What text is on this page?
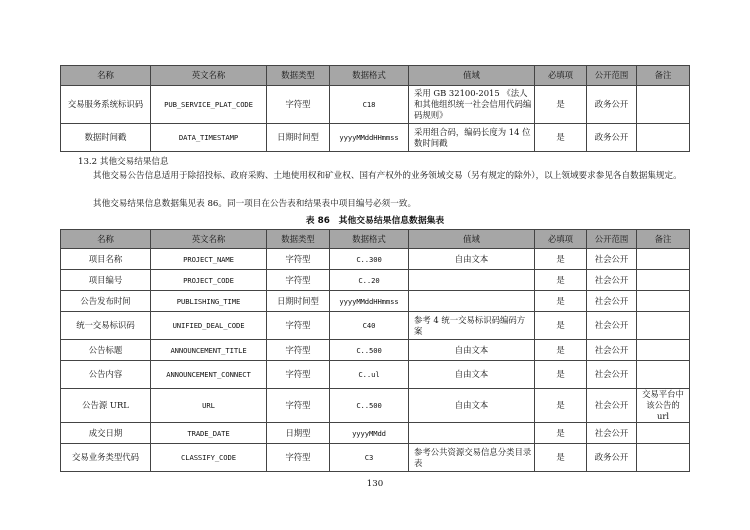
名称	英文名称	数据类型	数据格式	值域	必填项	公开范围	备注
交易服务系统标识码	PUB_SERVICE_PLAT_CODE	字符型	C18	采用 GB 32100-2015 《法人和其他组织统一社会信用代码编码规则》	是	政务公开	
数据时间戳	DATA_TIMESTAMP	日期时间型	yyyyMMddHHmmss	采用组合码，编码长度为 14 位数时间戳	是	政务公开	
13.2 其他交易结果信息
其他交易公告信息适用于除招投标、政府采购、土地使用权和矿业权、国有产权外的业务领域交易（另有规定的除外），以上领域要求参见各自数据集规定。
其他交易结果信息数据集见表 86。同一项目在公告表和结果表中项目编号必须一致。
表 86　其他交易结果信息数据集表
名称	英文名称	数据类型	数据格式	值域	必填项	公开范围	备注
项目名称	PROJECT_NAME	字符型	C..300	自由文本	是	社会公开	
项目编号	PROJECT_CODE	字符型	C..20		是	社会公开	
公告发布时间	PUBLISHING_TIME	日期时间型	yyyyMMddHHmmss		是	社会公开	
统一交易标识码	UNIFIED_DEAL_CODE	字符型	C40	参考 4 统一交易标识码编码方案	是	社会公开	
公告标题	ANNOUNCEMENT_TITLE	字符型	C..500	自由文本	是	社会公开	
公告内容	ANNOUNCEMENT_CONNECT	字符型	C..ul	自由文本	是	社会公开	
公告源 URL	URL	字符型	C..500	自由文本	是	社会公开	交易平台中该公告的 url
成交日期	TRADE_DATE	日期型	yyyyMMdd		是	社会公开	
交易业务类型代码	CLASSIFY_CODE	字符型	C3	参考公共资源交易信息分类目录表	是	政务公开	
130
